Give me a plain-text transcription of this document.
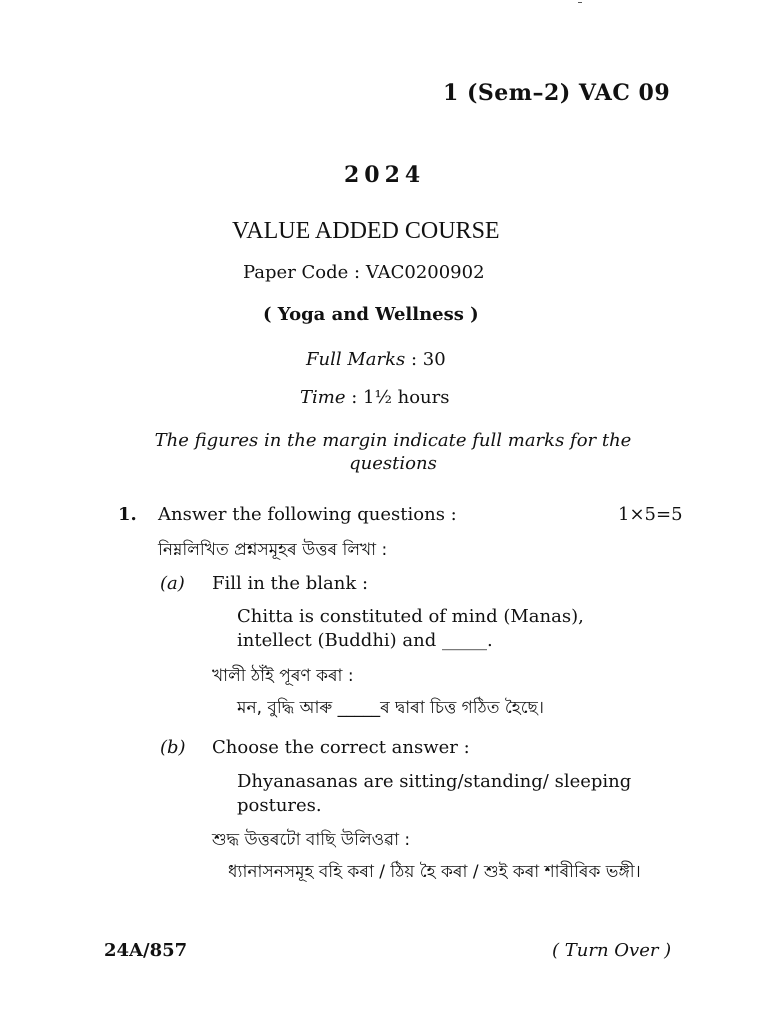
1 (Sem–2) VAC 09
2024
VALUE ADDED COURSE
Paper Code : VAC0200902
( Yoga and Wellness )
Full Marks : 30
Time : 1½ hours
The figures in the margin indicate full marks for the questions
1. Answer the following questions :	1×5=5
নিম্নলিখিত প্ৰশ্নসমূহৰ উত্তৰ লিখা :
(a) Fill in the blank :
Chitta is constituted of mind (Manas), intellect (Buddhi) and _____.
খালী ঠাঁই পূৰণ কৰা :
মন, বুদ্ধি আৰু _____ৰ দ্বাৰা চিত্ত গঠিত হৈছে।
(b) Choose the correct answer :
Dhyanasanas are sitting/standing/ sleeping postures.
শুদ্ধ উত্তৰটো বাছি উলিওৱা :
ধ্যানাসনসমূহ বহি কৰা / ঠিয় হৈ কৰা / শুই কৰা শাৰীৰিক ভঙ্গী।
24A/857	( Turn Over )
